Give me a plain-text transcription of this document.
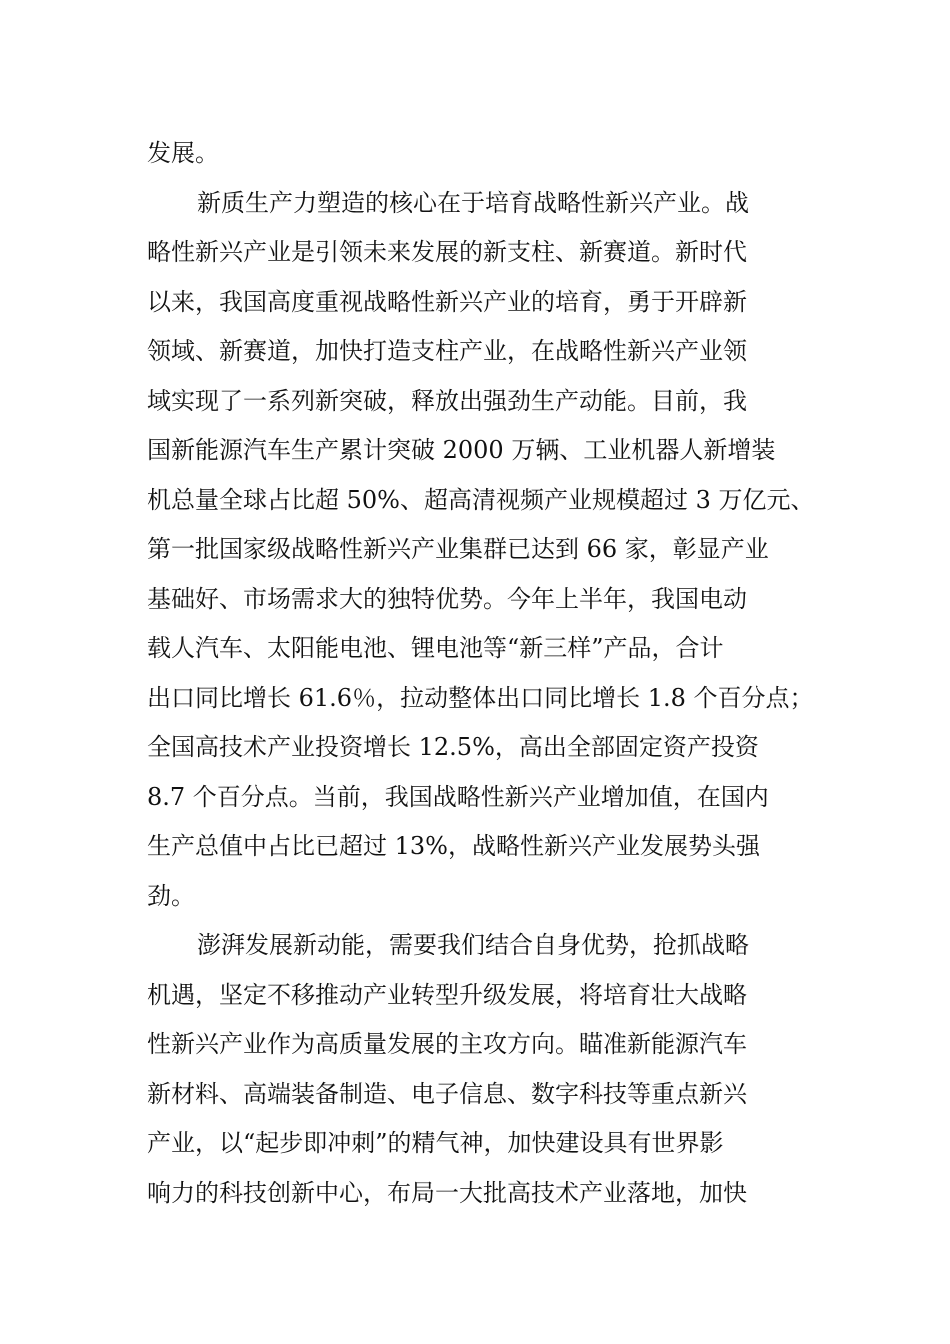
发展。

新质生产力塑造的核心在于培育战略性新兴产业。战

略性新兴产业是引领未来发展的新支柱、新赛道。新时代

以来，我国高度重视战略性新兴产业的培育，勇于开辟新

领域、新赛道，加快打造支柱产业，在战略性新兴产业领

域实现了一系列新突破，释放出强劲生产动能。目前，我

国新能源汽车生产累计突破 2000 万辆、工业机器人新增装

机总量全球占比超 50%、超高清视频产业规模超过 3 万亿元、

第一批国家级战略性新兴产业集群已达到 66 家，彰显产业

基础好、市场需求大的独特优势。今年上半年，我国电动

载人汽车、太阳能电池、锂电池等“新三样”产品，合计

出口同比增长 61.6％，拉动整体出口同比增长 1.8 个百分点；

全国高技术产业投资增长 12.5%，高出全部固定资产投资

8.7 个百分点。当前，我国战略性新兴产业增加值，在国内

生产总值中占比已超过 13%，战略性新兴产业发展势头强

劲。

澎湃发展新动能，需要我们结合自身优势，抢抓战略

机遇，坚定不移推动产业转型升级发展，将培育壮大战略

性新兴产业作为高质量发展的主攻方向。瞄准新能源汽车

新材料、高端装备制造、电子信息、数字科技等重点新兴

产业，以“起步即冲刺”的精气神，加快建设具有世界影

响力的科技创新中心，布局一大批高技术产业落地，加快
